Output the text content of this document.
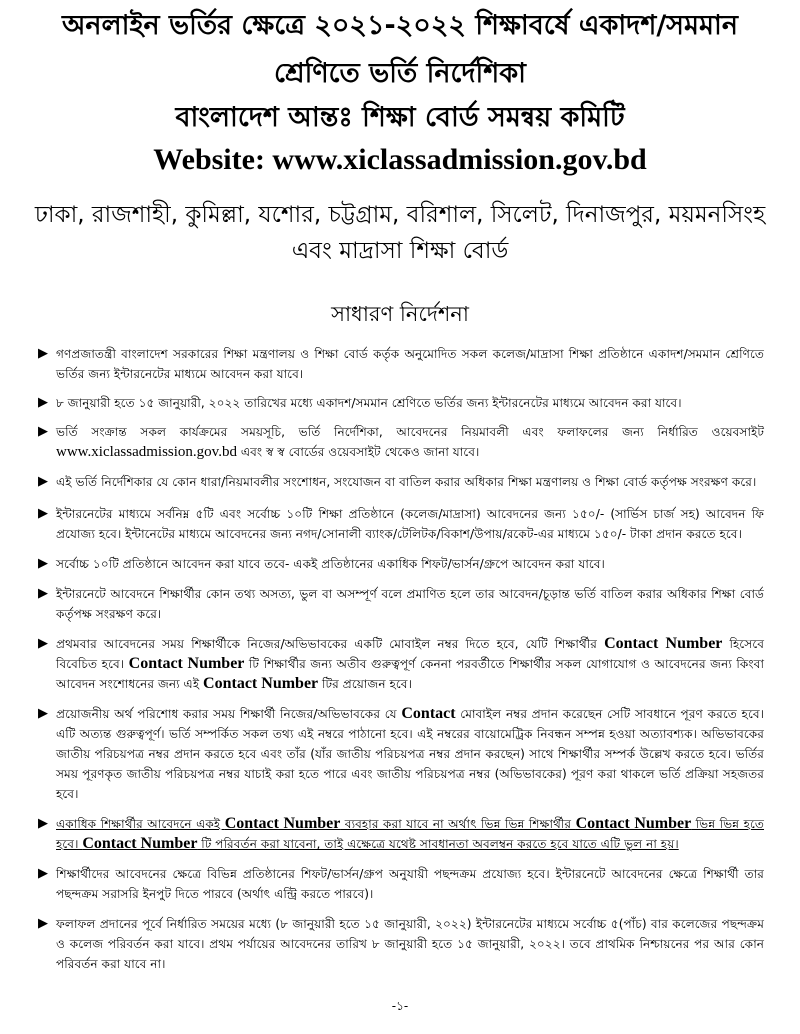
অনলাইন ভর্তির ক্ষেত্রে ২০২১-২০২২ শিক্ষাবর্ষে একাদশ/সমমান
শ্রেণিতে ভর্তি নির্দেশিকা
বাংলাদেশ আন্তঃ শিক্ষা বোর্ড সমন্বয় কমিটি
Website: www.xiclassadmission.gov.bd
ঢাকা, রাজশাহী, কুমিল্লা, যশোর, চট্টগ্রাম, বরিশাল, সিলেট, দিনাজপুর, ময়মনসিংহ
এবং মাদ্রাসা শিক্ষা বোর্ড
সাধারণ নির্দেশনা
▶ গণপ্রজাতন্ত্রী বাংলাদেশ সরকারের শিক্ষা মন্ত্রণালয় ও শিক্ষা বোর্ড কর্তৃক অনুমোদিত সকল কলেজ/মাদ্রাসা শিক্ষা প্রতিষ্ঠানে একাদশ/সমমান শ্রেণিতে ভর্তির জন্য ইন্টারনেটের মাধ্যমে আবেদন করা যাবে।
▶ ৮ জানুয়ারী হতে ১৫ জানুয়ারী, ২০২২ তারিখের মধ্যে একাদশ/সমমান শ্রেণিতে ভর্তির জন্য ইন্টারনেটের মাধ্যমে আবেদন করা যাবে।
▶ ভর্তি সংক্রান্ত সকল কার্যক্রমের সময়সূচি, ভর্তি নির্দেশিকা, আবেদনের নিয়মাবলী এবং ফলাফলের জন্য নির্ধারিত ওয়েবসাইট www.xiclassadmission.gov.bd এবং স্ব স্ব বোর্ডের ওয়েবসাইট থেকেও জানা যাবে।
▶ এই ভর্তি নির্দেশিকার যে কোন ধারা/নিয়মাবলীর সংশোধন, সংযোজন বা বাতিল করার অধিকার শিক্ষা মন্ত্রণালয় ও শিক্ষা বোর্ড কর্তৃপক্ষ সংরক্ষণ করে।
▶ ইন্টারনেটের মাধ্যমে সর্বনিম্ন ৫টি এবং সর্বোচ্চ ১০টি শিক্ষা প্রতিষ্ঠানে (কলেজ/মাদ্রাসা) আবেদনের জন্য ১৫০/- (সার্ভিস চার্জ সহ) আবেদন ফি প্রযোজ্য হবে। ইন্টানেটের মাধ্যমে আবেদনের জন্য নগদ/সোনালী ব্যাংক/টেলিটক/বিকাশ/উপায়/রকেট-এর মাধ্যমে ১৫০/- টাকা প্রদান করতে হবে।
▶ সর্বোচ্চ ১০টি প্রতিষ্ঠানে আবেদন করা যাবে তবে- একই প্রতিষ্ঠানের একাধিক শিফট/ভার্সন/গ্রুপে আবেদন করা যাবে।
▶ ইন্টারনেটে আবেদনে শিক্ষার্থীর কোন তথ্য অসত্য, ভুল বা অসম্পূর্ণ বলে প্রমাণিত হলে তার আবেদন/চূড়ান্ত ভর্তি বাতিল করার অধিকার শিক্ষা বোর্ড কর্তৃপক্ষ সংরক্ষণ করে।
▶ প্রথমবার আবেদনের সময় শিক্ষার্থীকে নিজের/অভিভাবকের একটি মোবাইল নম্বর দিতে হবে, যেটি শিক্ষার্থীর Contact Number হিসেবে বিবেচিত হবে। Contact Number টি শিক্ষার্থীর জন্য অতীব গুরুত্বপূর্ণ কেননা পরবর্তীতে শিক্ষার্থীর সকল যোগাযোগ ও আবেদনের জন্য কিংবা আবেদন সংশোধনের জন্য এই Contact Number টির প্রয়োজন হবে।
▶ প্রয়োজনীয় অর্থ পরিশোধ করার সময় শিক্ষার্থী নিজের/অভিভাবকের যে Contact মোবাইল নম্বর প্রদান করেছেন সেটি সাবধানে পূরণ করতে হবে। এটি অত্যন্ত গুরুত্বপূর্ণ। ভর্তি সম্পর্কিত সকল তথ্য এই নম্বরে পাঠানো হবে। এই নম্বরের বায়োমেট্রিক নিবন্ধন সম্পন্ন হওয়া অত্যাবশ্যক। অভিভাবকের জাতীয় পরিচয়পত্র নম্বর প্রদান করতে হবে এবং তাঁর (যাঁর জাতীয় পরিচয়পত্র নম্বর প্রদান করছেন) সাথে শিক্ষার্থীর সম্পর্ক উল্লেখ করতে হবে। ভর্তির সময় পূরণকৃত জাতীয় পরিচয়পত্র নম্বর যাচাই করা হতে পারে এবং জাতীয় পরিচয়পত্র নম্বর (অভিভাবকের) পূরণ করা থাকলে ভর্তি প্রক্রিয়া সহজতর হবে।
▶ একাধিক শিক্ষার্থীর আবেদনে একই Contact Number ব্যবহার করা যাবে না অর্থাৎ ভিন্ন ভিন্ন শিক্ষার্থীর Contact Number ভিন্ন ভিন্ন হতে হবে। Contact Number টি পরিবর্তন করা যাবেনা, তাই এক্ষেত্রে যথেষ্ট সাবধানতা অবলম্বন করতে হবে যাতে এটি ভুল না হয়।
▶ শিক্ষার্থীদের আবেদনের ক্ষেত্রে বিভিন্ন প্রতিষ্ঠানের শিফট/ভার্সন/গ্রুপ অনুযায়ী পছন্দক্রম প্রযোজ্য হবে। ইন্টারনেটে আবেদনের ক্ষেত্রে শিক্ষার্থী তার পছন্দক্রম সরাসরি ইনপুট দিতে পারবে (অর্থাৎ এন্ট্রি করতে পারবে)।
▶ ফলাফল প্রদানের পূর্বে নির্ধারিত সময়ের মধ্যে (৮ জানুয়ারী হতে ১৫ জানুয়ারী, ২০২২) ইন্টারনেটের মাধ্যমে সর্বোচ্চ ৫(পাঁচ) বার কলেজের পছন্দক্রম ও কলেজ পরিবর্তন করা যাবে। প্রথম পর্যায়ের আবেদনের তারিখ ৮ জানুয়ারী হতে ১৫ জানুয়ারী, ২০২২। তবে প্রাথমিক নিশ্চায়নের পর আর কোন পরিবর্তন করা যাবে না।
-১-
